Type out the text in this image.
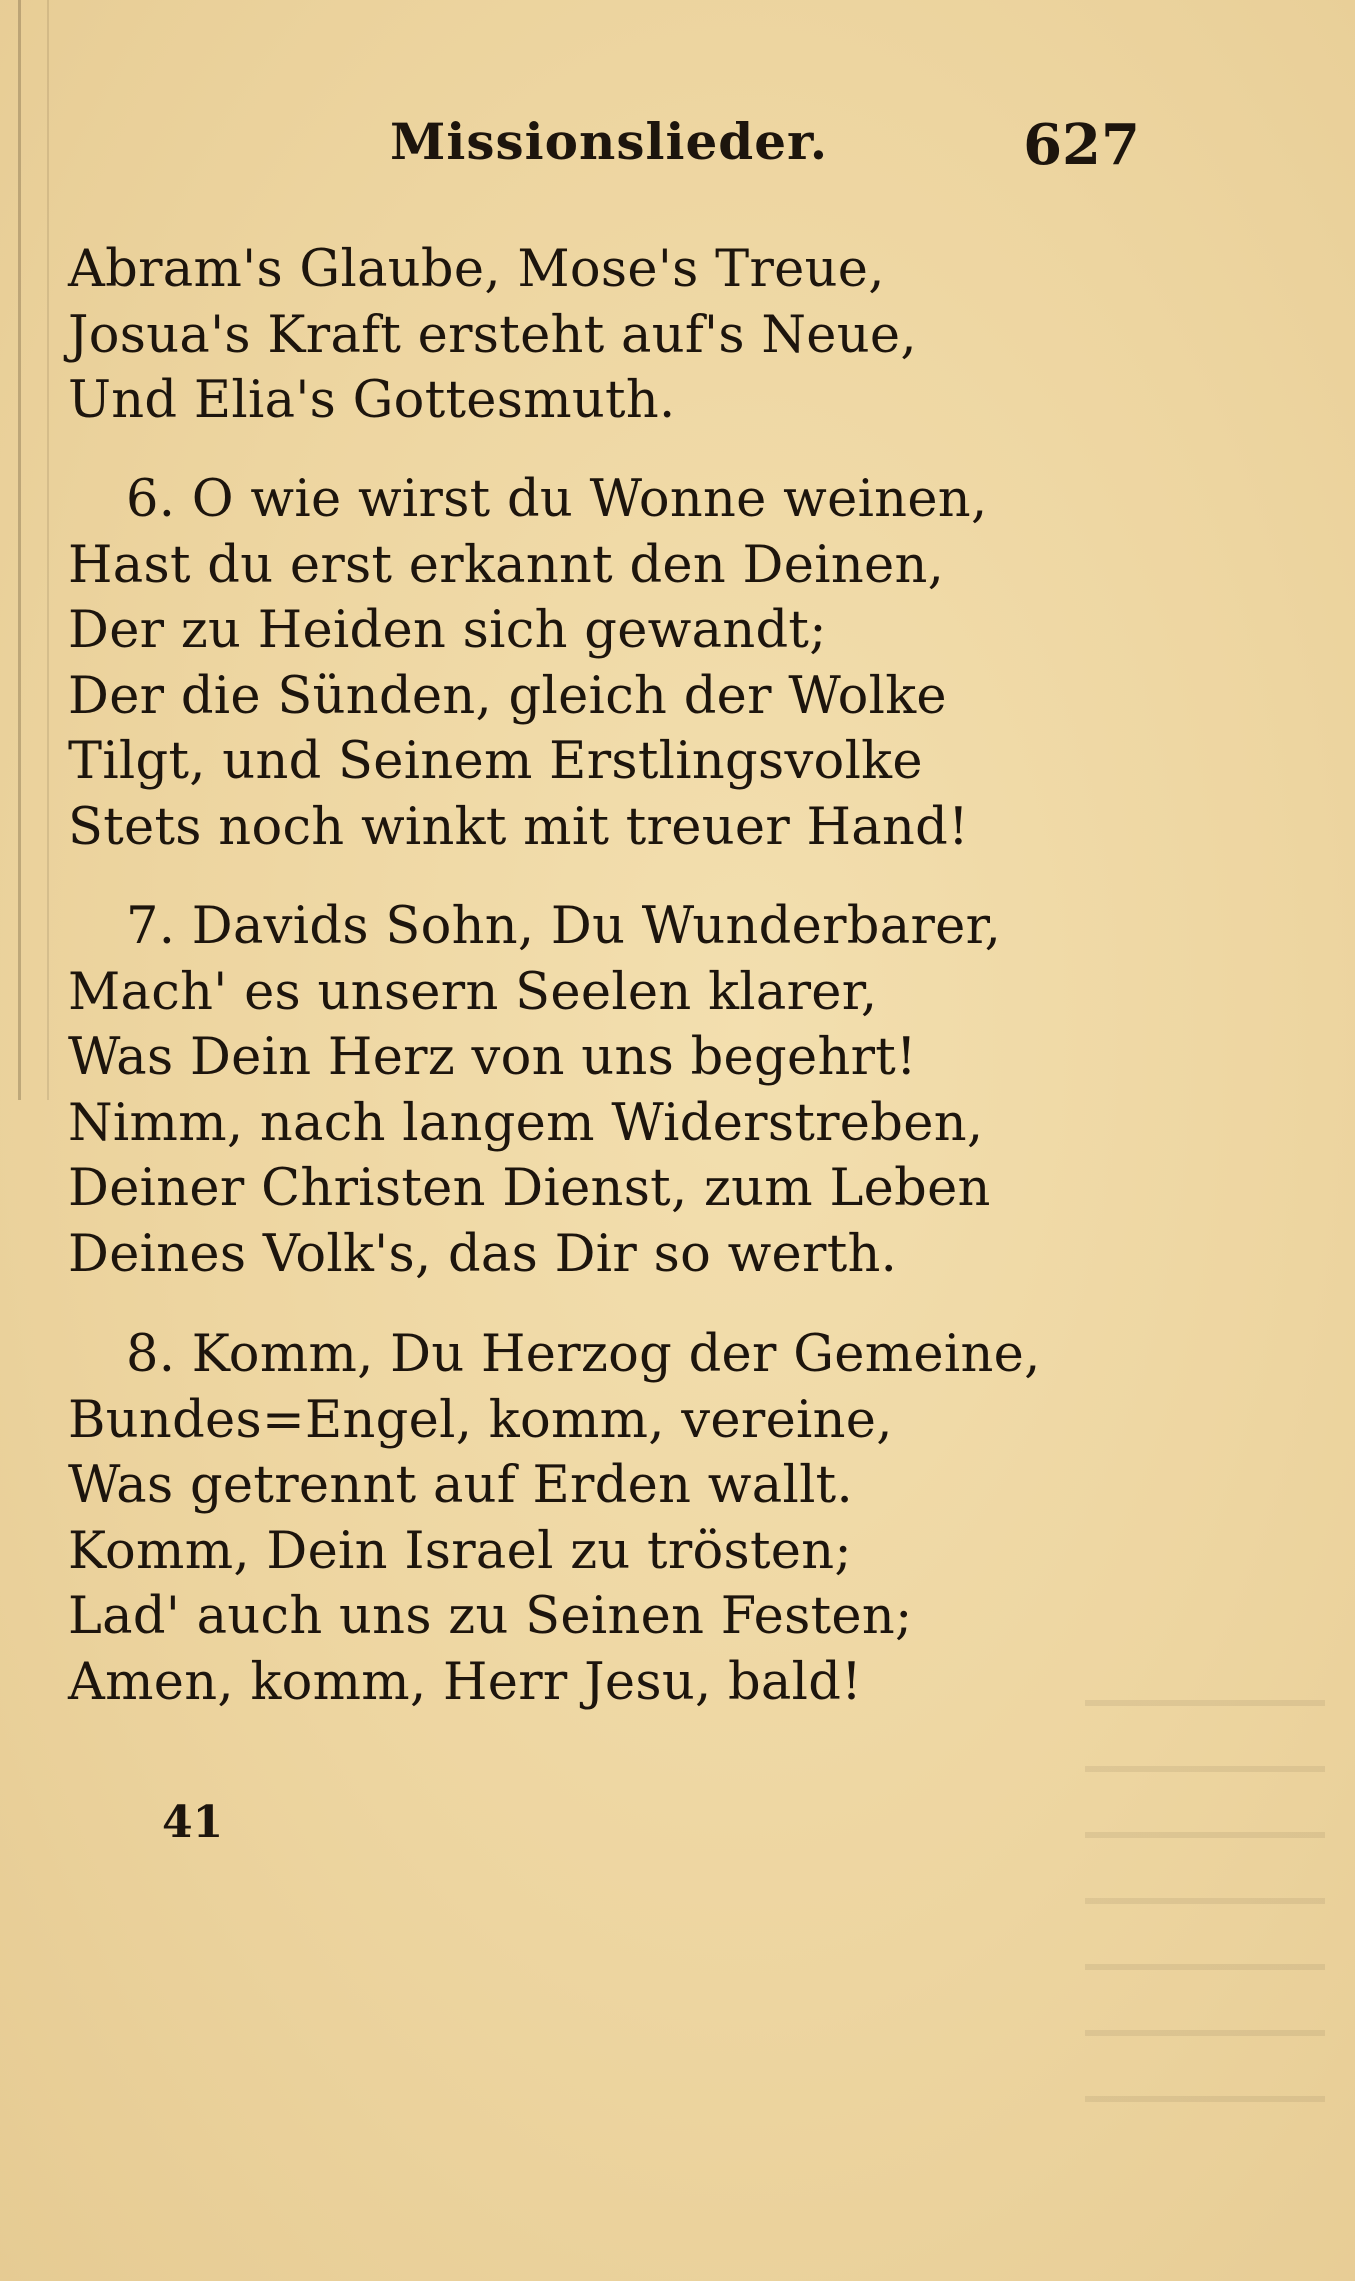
Missionslieder.	627
Abram's Glaube, Mose's Treue,
Josua's Kraft ersteht auf's Neue,
Und Elia's Gottesmuth.
6. O wie wirst du Wonne weinen,
Hast du erst erkannt den Deinen,
Der zu Heiden sich gewandt;
Der die Sünden, gleich der Wolke
Tilgt, und Seinem Erstlingsvolke
Stets noch winkt mit treuer Hand!
7. Davids Sohn, Du Wunderbarer,
Mach' es unsern Seelen klarer,
Was Dein Herz von uns begehrt!
Nimm, nach langem Widerstreben,
Deiner Christen Dienst, zum Leben
Deines Volk's, das Dir so werth.
8. Komm, Du Herzog der Gemeine,
Bundes=Engel, komm, vereine,
Was getrennt auf Erden wallt.
Komm, Dein Israel zu trösten;
Lad' auch uns zu Seinen Festen;
Amen, komm, Herr Jesu, bald!
41
